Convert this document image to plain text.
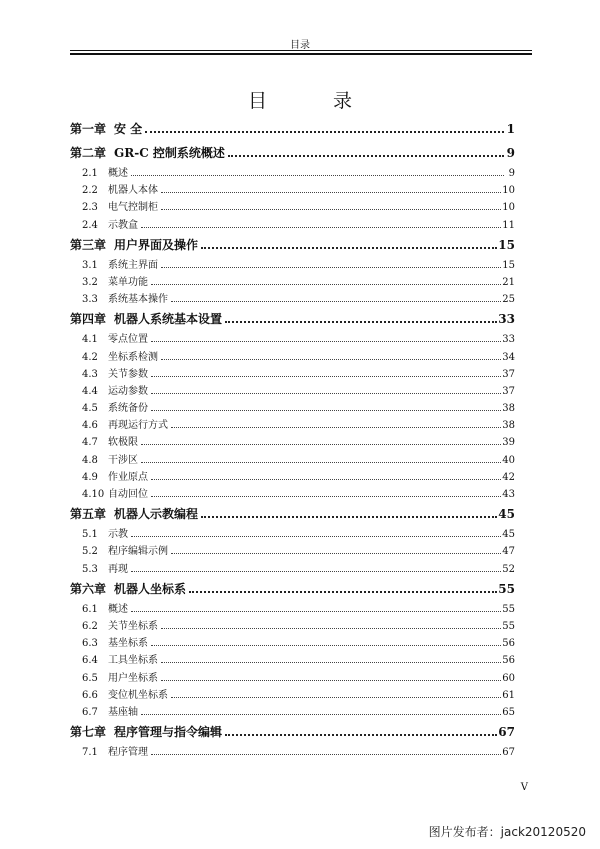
目录
目 录
第一章 安 全	1
第二章 GR-C 控制系统概述	9
2.1	概述	9
2.2	机器人本体	10
2.3	电气控制柜	10
2.4	示教盒	11
第三章 用户界面及操作	15
3.1	系统主界面	15
3.2	菜单功能	21
3.3	系统基本操作	25
第四章 机器人系统基本设置	33
4.1	零点位置	33
4.2	坐标系检测	34
4.3	关节参数	37
4.4	运动参数	37
4.5	系统备份	38
4.6	再现运行方式	38
4.7	软极限	39
4.8	干涉区	40
4.9	作业原点	42
4.10 自动回位	43
第五章 机器人示教编程	45
5.1	示教	45
5.2	程序编辑示例	47
5.3	再现	52
第六章 机器人坐标系	55
6.1	概述	55
6.2	关节坐标系	55
6.3	基坐标系	56
6.4	工具坐标系	56
6.5	用户坐标系	60
6.6	变位机坐标系	61
6.7	基座轴	65
第七章 程序管理与指令编辑	67
7.1	程序管理	67
V
图片发布者：jack20120520
